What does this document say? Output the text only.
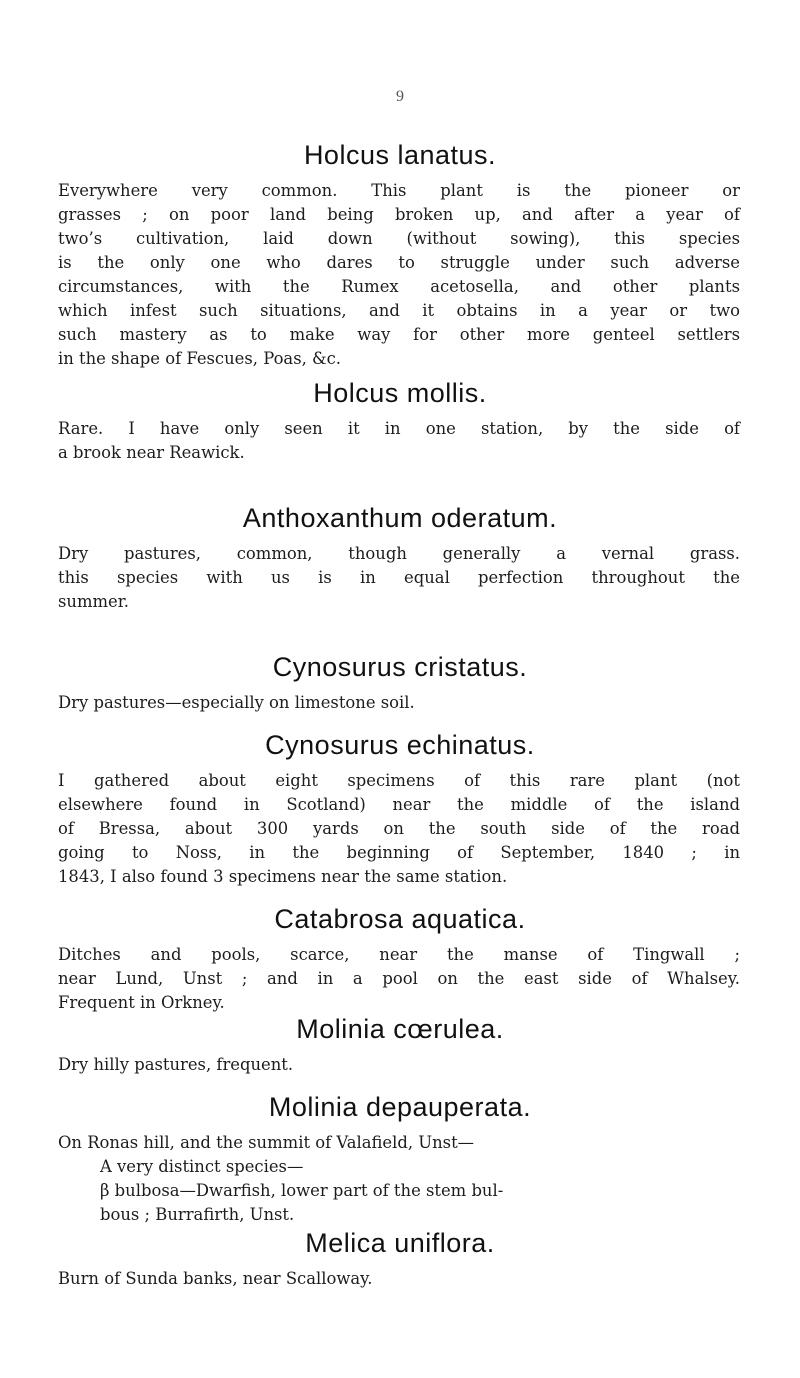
9
Holcus lanatus.
Everywhere very common. This plant is the pioneer or
grasses ; on poor land being broken up, and after a year of
two’s cultivation, laid down (without sowing), this species
is the only one who dares to struggle under such adverse
circumstances, with the Rumex acetosella, and other plants
which infest such situations, and it obtains in a year or two
such mastery as to make way for other more genteel settlers
in the shape of Fescues, Poas, &c.
Holcus mollis.
Rare. I have only seen it in one station, by the side of
a brook near Reawick.
Anthoxanthum oderatum.
Dry pastures, common, though generally a vernal grass.
this species with us is in equal perfection throughout the
summer.
Cynosurus cristatus.
Dry pastures—especially on limestone soil.
Cynosurus echinatus.
I gathered about eight specimens of this rare plant (not
elsewhere found in Scotland) near the middle of the island
of Bressa, about 300 yards on the south side of the road
going to Noss, in the beginning of September, 1840 ; in
1843, I also found 3 specimens near the same station.
Catabrosa aquatica.
Ditches and pools, scarce, near the manse of Tingwall ;
near Lund, Unst ; and in a pool on the east side of Whalsey.
Frequent in Orkney.
Molinia cœrulea.
Dry hilly pastures, frequent.
Molinia depauperata.
On Ronas hill, and the summit of Valafield, Unst—
A very distinct species—
β bulbosa—Dwarfish, lower part of the stem bul-
bous ; Burrafirth, Unst.
Melica uniflora.
Burn of Sunda banks, near Scalloway.
